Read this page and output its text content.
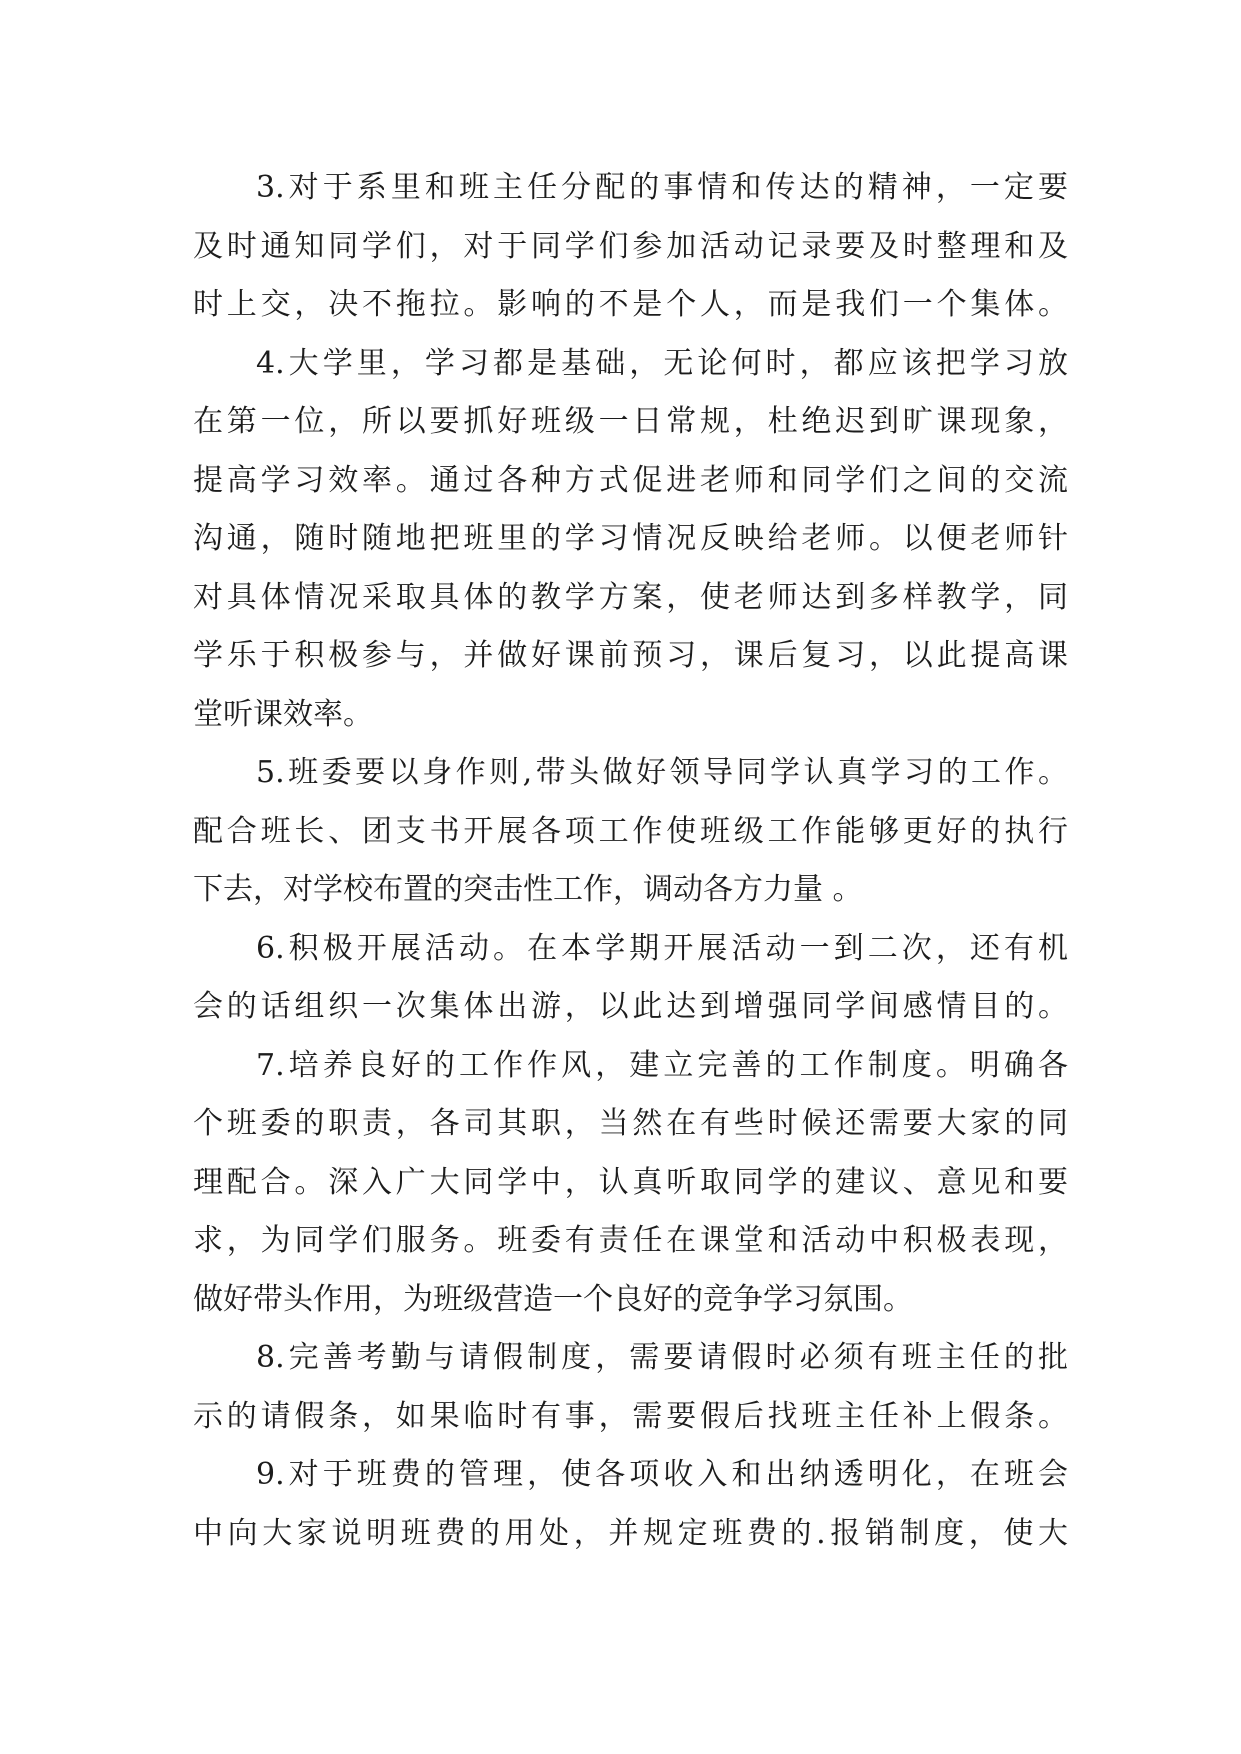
3.对于系里和班主任分配的事情和传达的精神，一定要
及时通知同学们，对于同学们参加活动记录要及时整理和及
时上交，决不拖拉。影响的不是个人，而是我们一个集体。
4.大学里，学习都是基础，无论何时，都应该把学习放
在第一位，所以要抓好班级一日常规，杜绝迟到旷课现象，
提高学习效率。通过各种方式促进老师和同学们之间的交流
沟通，随时随地把班里的学习情况反映给老师。以便老师针
对具体情况采取具体的教学方案，使老师达到多样教学，同
学乐于积极参与，并做好课前预习，课后复习，以此提高课
堂听课效率。
5.班委要以身作则,带头做好领导同学认真学习的工作。
配合班长、团支书开展各项工作使班级工作能够更好的执行
下去，对学校布置的突击性工作，调动各方力量 。
6.积极开展活动。在本学期开展活动一到二次，还有机
会的话组织一次集体出游，以此达到增强同学间感情目的。
7.培养良好的工作作风，建立完善的工作制度。明确各
个班委的职责，各司其职，当然在有些时候还需要大家的同
理配合。深入广大同学中，认真听取同学的建议、意见和要
求，为同学们服务。班委有责任在课堂和活动中积极表现，
做好带头作用，为班级营造一个良好的竞争学习氛围。
8.完善考勤与请假制度，需要请假时必须有班主任的批
示的请假条，如果临时有事，需要假后找班主任补上假条。
9.对于班费的管理，使各项收入和出纳透明化，在班会
中向大家说明班费的用处，并规定班费的.报销制度，使大
